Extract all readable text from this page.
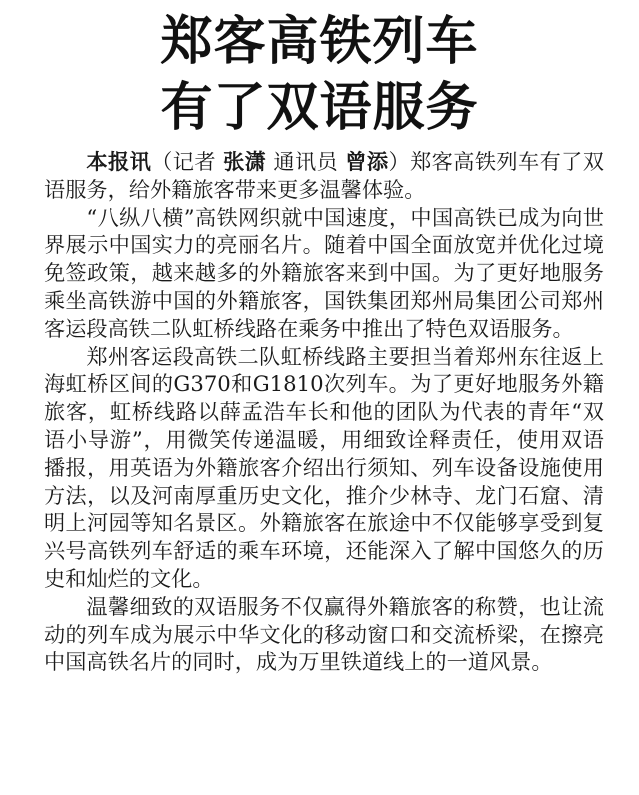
郑客高铁列车
有了双语服务

本报讯（记者 张潇 通讯员 曾添）郑客高铁列车有了双语服务，给外籍旅客带来更多温馨体验。

“八纵八横”高铁网织就中国速度，中国高铁已成为向世界展示中国实力的亮丽名片。随着中国全面放宽并优化过境免签政策，越来越多的外籍旅客来到中国。为了更好地服务乘坐高铁游中国的外籍旅客，国铁集团郑州局集团公司郑州客运段高铁二队虹桥线路在乘务中推出了特色双语服务。

郑州客运段高铁二队虹桥线路主要担当着郑州东往返上海虹桥区间的G370和G1810次列车。为了更好地服务外籍旅客，虹桥线路以薛孟浩车长和他的团队为代表的青年“双语小导游”，用微笑传递温暖，用细致诠释责任，使用双语播报，用英语为外籍旅客介绍出行须知、列车设备设施使用方法，以及河南厚重历史文化，推介少林寺、龙门石窟、清明上河园等知名景区。外籍旅客在旅途中不仅能够享受到复兴号高铁列车舒适的乘车环境，还能深入了解中国悠久的历史和灿烂的文化。

温馨细致的双语服务不仅赢得外籍旅客的称赞，也让流动的列车成为展示中华文化的移动窗口和交流桥梁，在擦亮中国高铁名片的同时，成为万里铁道线上的一道风景。
